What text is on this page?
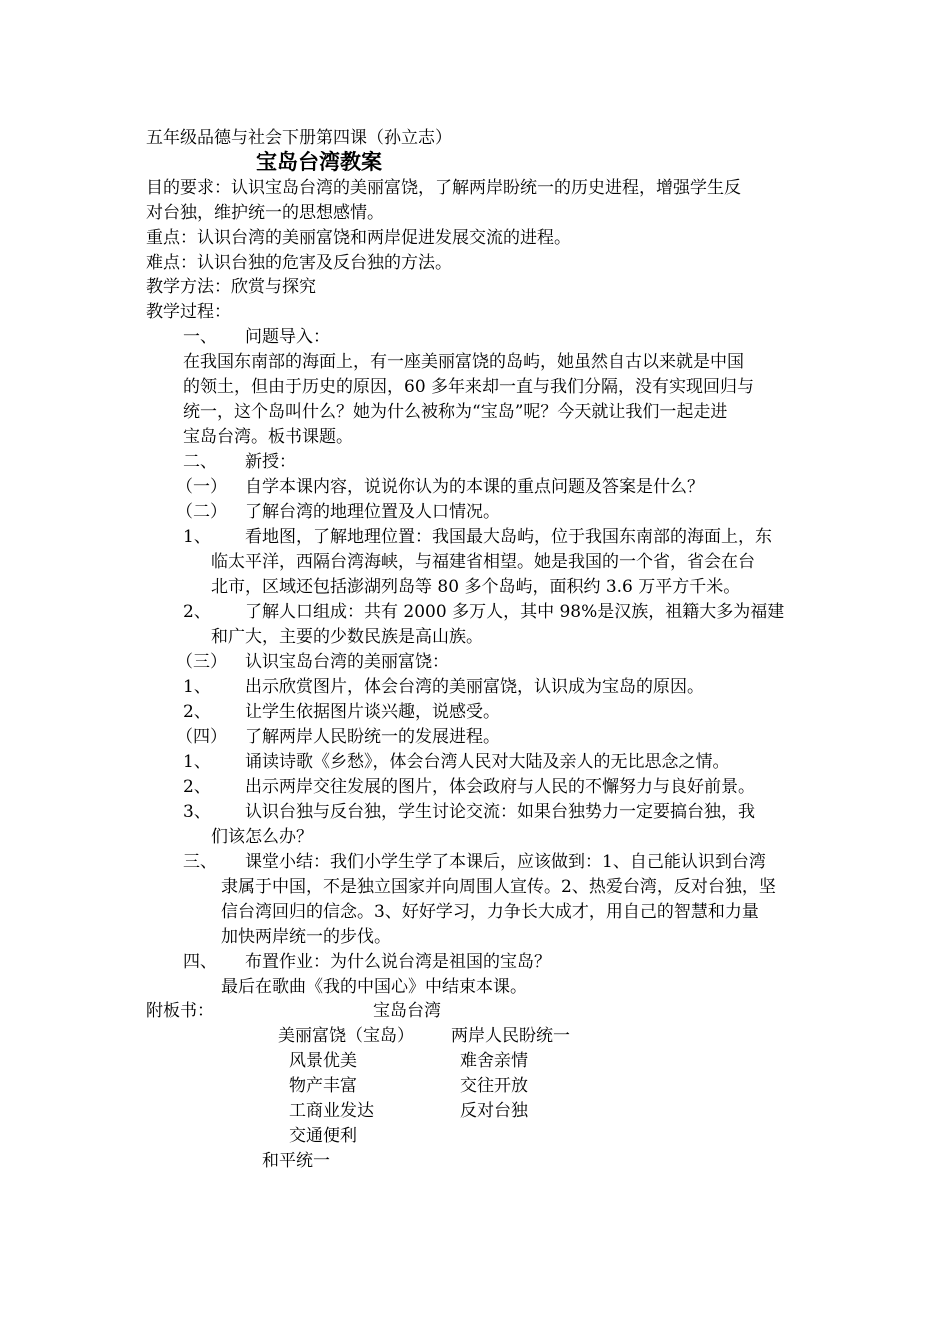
五年级品德与社会下册第四课（孙立志）
宝岛台湾教案
目的要求：认识宝岛台湾的美丽富饶，了解两岸盼统一的历史进程，增强学生反
对台独，维护统一的思想感情。
重点：认识台湾的美丽富饶和两岸促进发展交流的进程。
难点：认识台独的危害及反台独的方法。
教学方法：欣赏与探究
教学过程：
一、 问题导入：
在我国东南部的海面上，有一座美丽富饶的岛屿，她虽然自古以来就是中国
的领土，但由于历史的原因，60 多年来却一直与我们分隔，没有实现回归与
统一，这个岛叫什么？她为什么被称为“宝岛”呢？今天就让我们一起走进
宝岛台湾。板书课题。
二、 新授：
（一） 自学本课内容，说说你认为的本课的重点问题及答案是什么？
（二） 了解台湾的地理位置及人口情况。
1、 看地图，了解地理位置：我国最大岛屿，位于我国东南部的海面上，东
临太平洋，西隔台湾海峡，与福建省相望。她是我国的一个省，省会在台
北市，区域还包括澎湖列岛等 80 多个岛屿，面积约 3.6 万平方千米。
2、 了解人口组成：共有 2000 多万人，其中 98%是汉族，祖籍大多为福建
和广大，主要的少数民族是高山族。
（三） 认识宝岛台湾的美丽富饶：
1、 出示欣赏图片，体会台湾的美丽富饶，认识成为宝岛的原因。
2、 让学生依据图片谈兴趣，说感受。
（四） 了解两岸人民盼统一的发展进程。
1、 诵读诗歌《乡愁》，体会台湾人民对大陆及亲人的无比思念之情。
2、 出示两岸交往发展的图片，体会政府与人民的不懈努力与良好前景。
3、 认识台独与反台独，学生讨论交流：如果台独势力一定要搞台独，我
们该怎么办？
三、 课堂小结：我们小学生学了本课后，应该做到：1、自己能认识到台湾
隶属于中国，不是独立国家并向周围人宣传。2、热爱台湾，反对台独，坚
信台湾回归的信念。3、好好学习，力争长大成才，用自己的智慧和力量
加快两岸统一的步伐。
四、 布置作业：为什么说台湾是祖国的宝岛？
最后在歌曲《我的中国心》中结束本课。
附板书：	宝岛台湾
美丽富饶（宝岛） 两岸人民盼统一
风景优美	难舍亲情
物产丰富	交往开放
工商业发达	反对台独
交通便利
和平统一
